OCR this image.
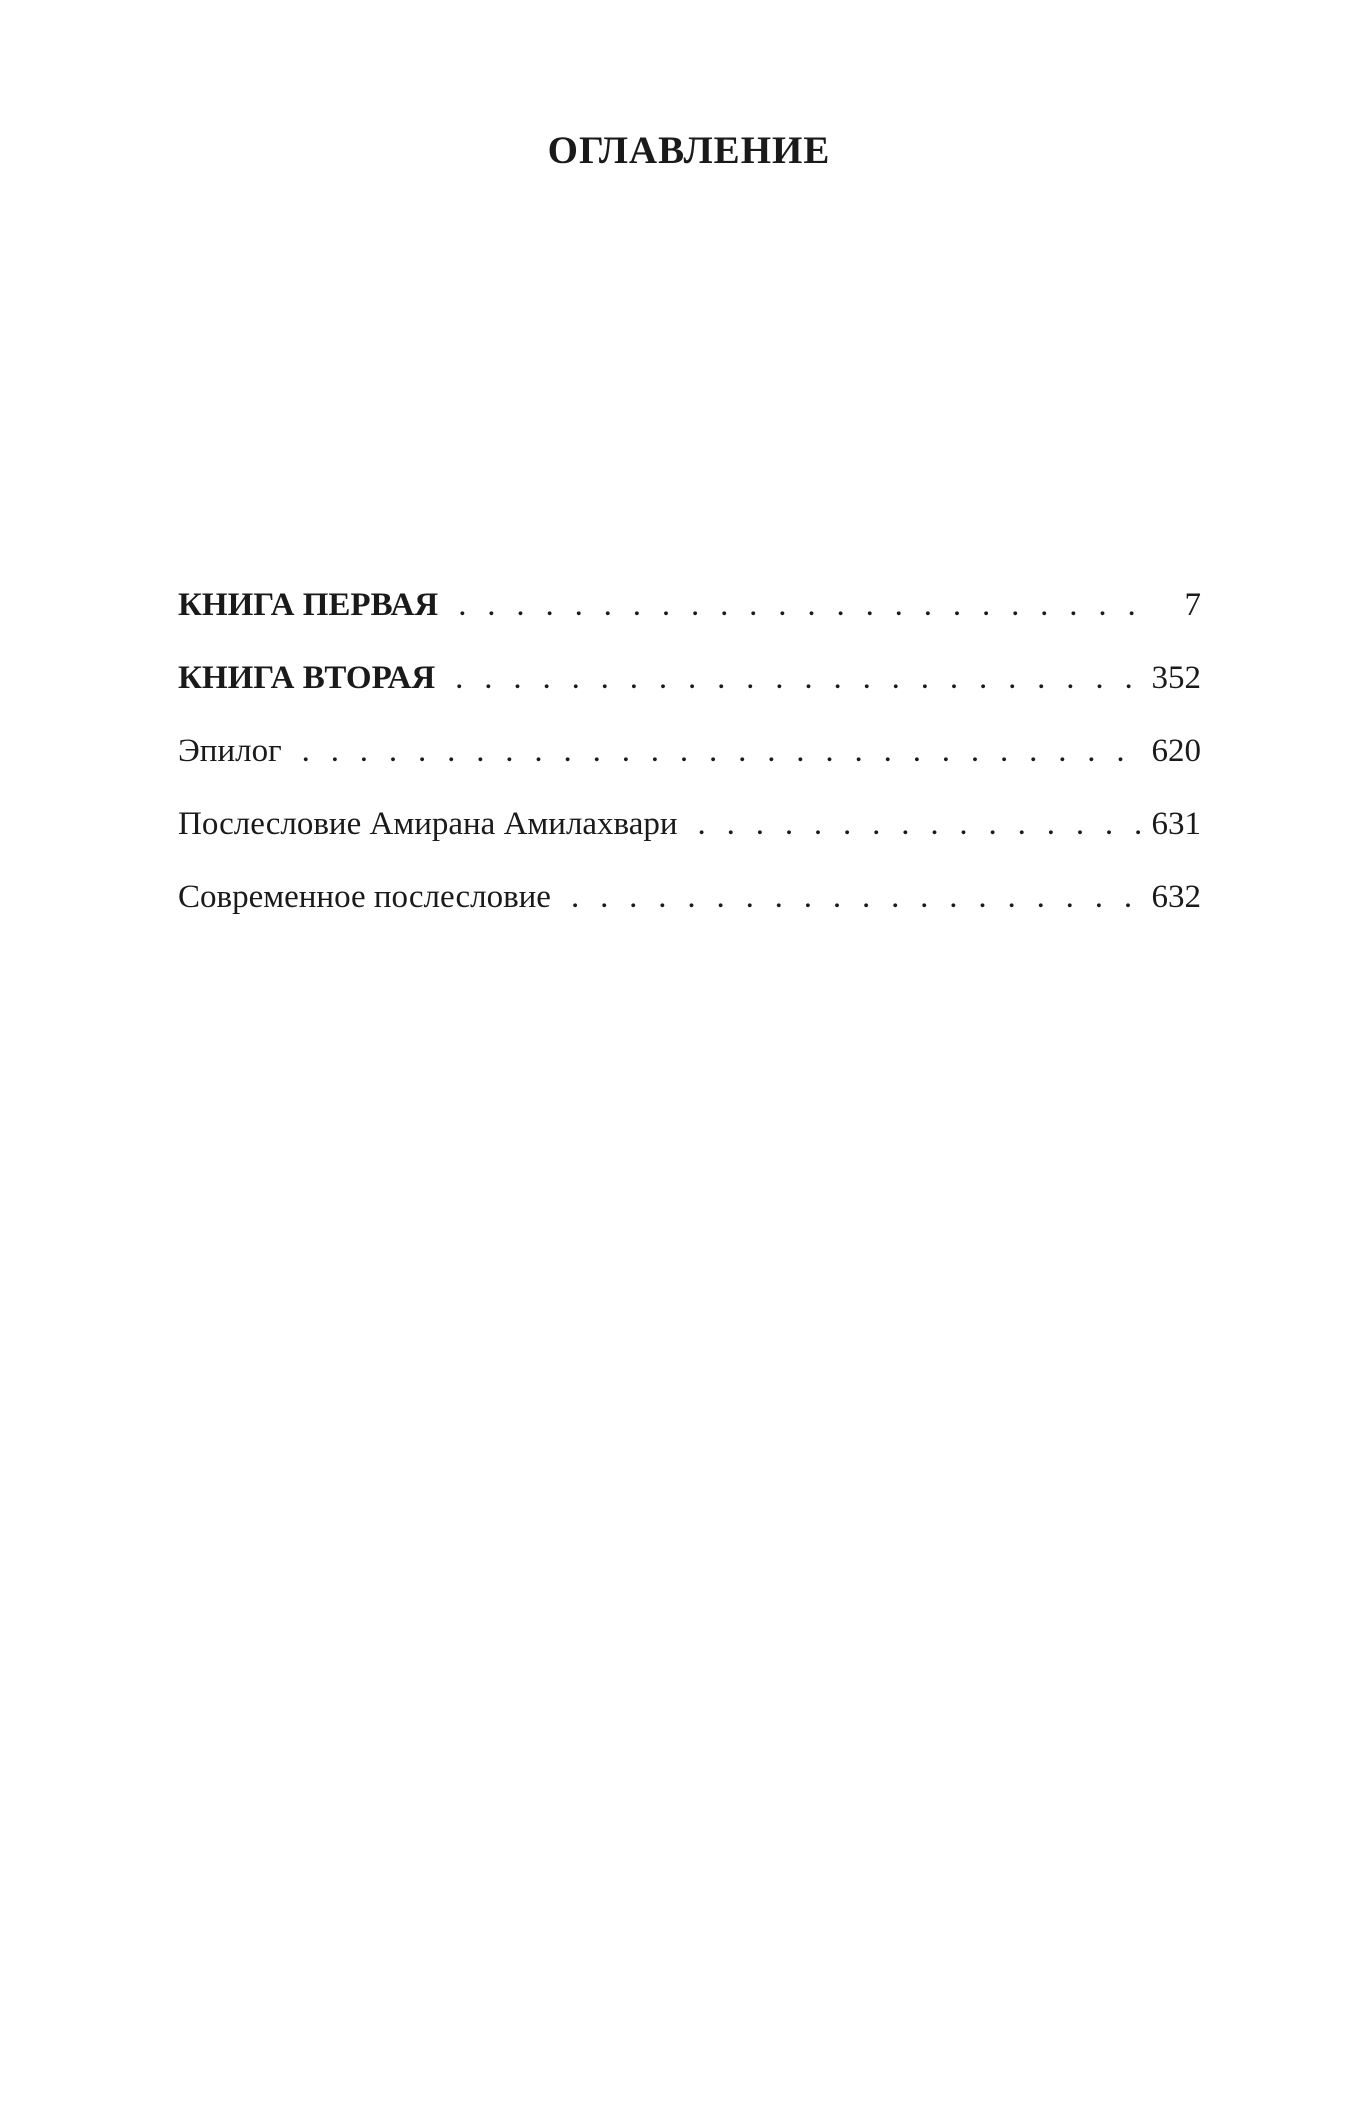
ОГЛАВЛЕНИЕ
КНИГА ПЕРВАЯ . . .	7
КНИГА ВТОРАЯ . . .	352
Эпилог . . .	620
Послесловие Амирана Амилахвари . . .	631
Современное послесловие . . .	632
